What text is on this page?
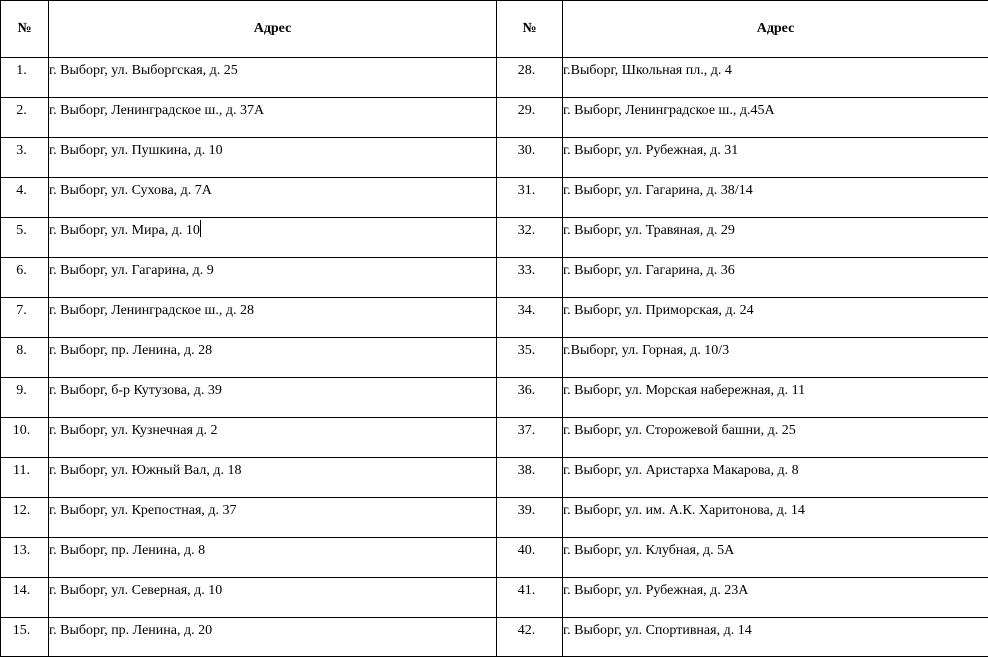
№	Адрес	№	Адрес
1.	г. Выборг, ул. Выборгская, д. 25	28.	г.Выборг, Школьная пл., д. 4
2.	г. Выборг, Ленинградское ш., д. 37А	29.	г. Выборг, Ленинградское ш., д.45А
3.	г. Выборг, ул. Пушкина, д. 10	30.	г. Выборг, ул. Рубежная, д. 31
4.	г. Выборг, ул. Сухова, д. 7А	31.	г. Выборг, ул. Гагарина, д. 38/14
5.	г. Выборг, ул. Мира, д. 10	32.	г. Выборг, ул. Травяная, д. 29
6.	г. Выборг, ул. Гагарина, д. 9	33.	г. Выборг, ул. Гагарина, д. 36
7.	г. Выборг, Ленинградское ш., д. 28	34.	г. Выборг, ул. Приморская, д. 24
8.	г. Выборг, пр. Ленина, д. 28	35.	г.Выборг, ул. Горная, д. 10/3
9.	г. Выборг, б-р Кутузова, д. 39	36.	г. Выборг, ул. Морская набережная, д. 11
10.	г. Выборг, ул. Кузнечная д. 2	37.	г. Выборг, ул. Сторожевой башни, д. 25
11.	г. Выборг, ул. Южный Вал, д. 18	38.	г. Выборг, ул. Аристарха Макарова, д. 8
12.	г. Выборг, ул. Крепостная, д. 37	39.	г. Выборг, ул. им. А.К. Харитонова, д. 14
13.	г. Выборг, пр. Ленина, д. 8	40.	г. Выборг, ул. Клубная, д. 5А
14.	г. Выборг, ул. Северная, д. 10	41.	г. Выборг, ул. Рубежная, д. 23А
15.	г. Выборг, пр. Ленина, д. 20	42.	г. Выборг, ул. Спортивная, д. 14
